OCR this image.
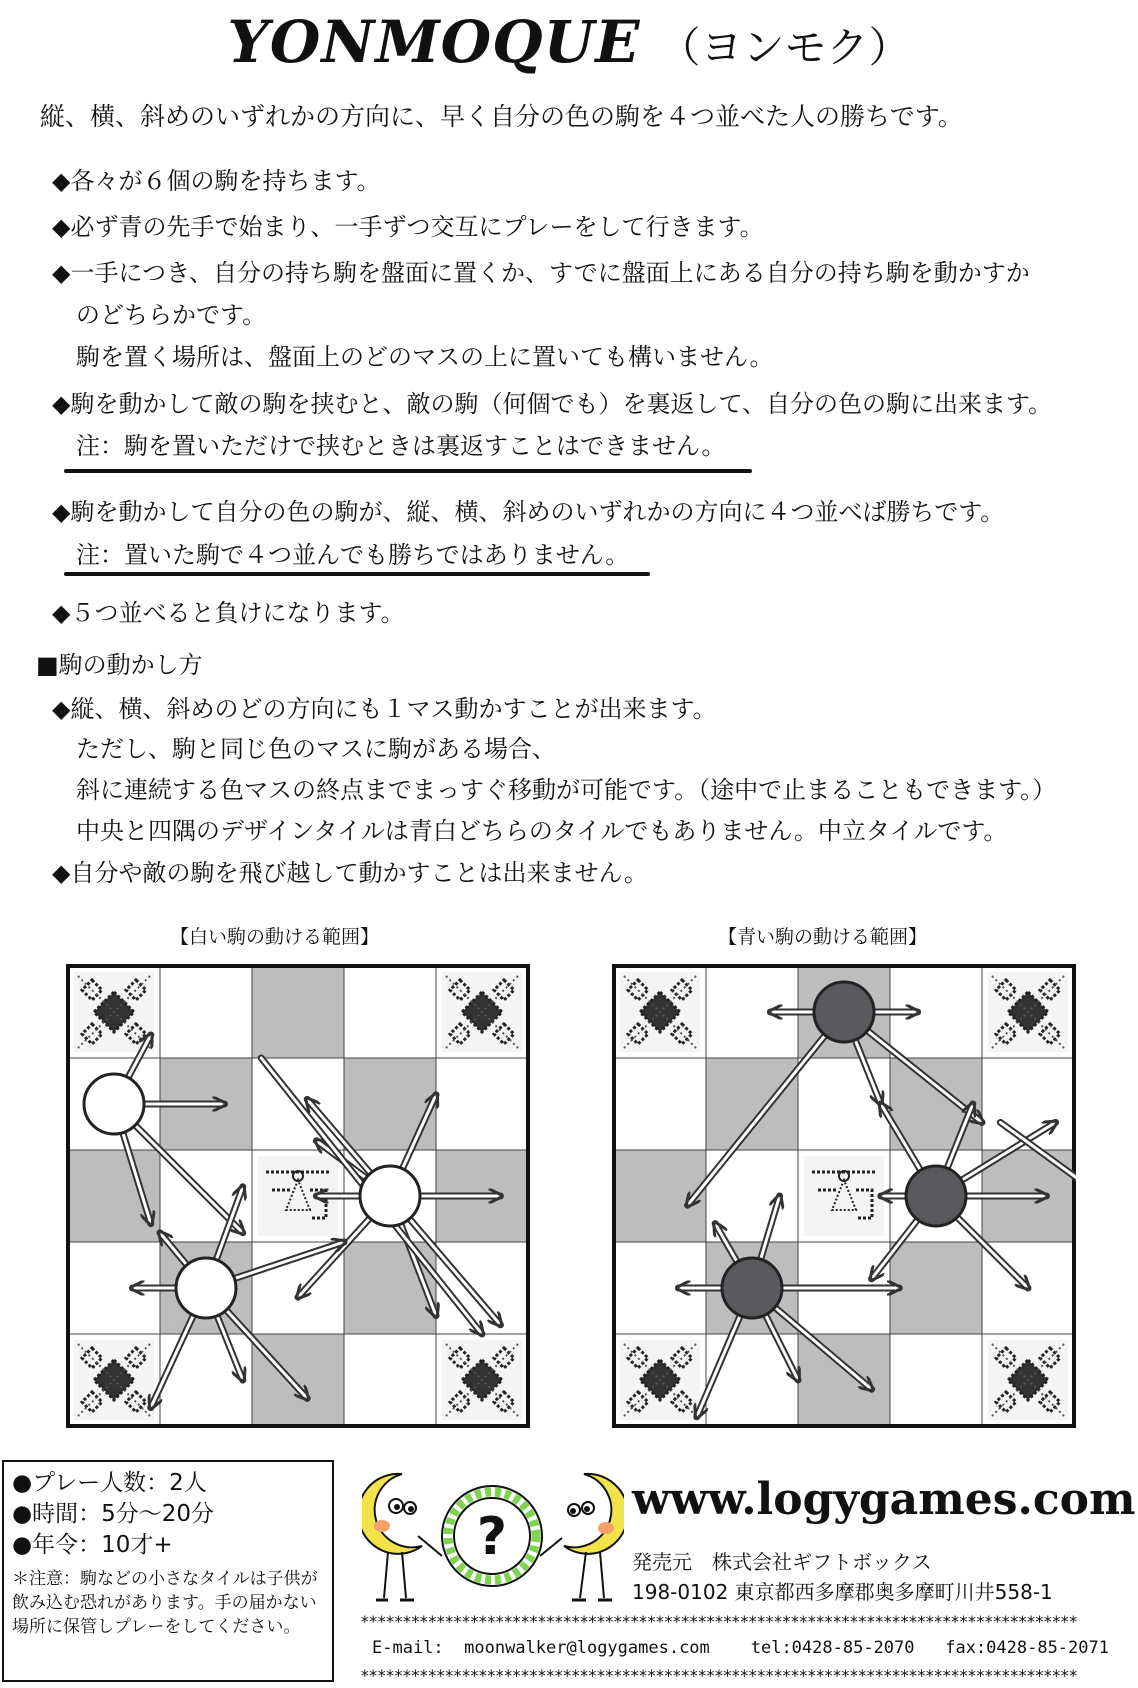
YONMOQUE （ヨンモク）
縦、横、斜めのいずれかの方向に、早く自分の色の駒を４つ並べた人の勝ちです。
◆各々が６個の駒を持ちます。
◆必ず青の先手で始まり、一手ずつ交互にプレーをして行きます。
◆一手につき、自分の持ち駒を盤面に置くか、すでに盤面上にある自分の持ち駒を動かすか
のどちらかです。
駒を置く場所は、盤面上のどのマスの上に置いても構いません。
◆駒を動かして敵の駒を挟むと、敵の駒（何個でも）を裏返して、自分の色の駒に出来ます。
注：駒を置いただけで挟むときは裏返すことはできません。
◆駒を動かして自分の色の駒が、縦、横、斜めのいずれかの方向に４つ並べば勝ちです。
注：置いた駒で４つ並んでも勝ちではありません。
◆５つ並べると負けになります。
■駒の動かし方
◆縦、横、斜めのどの方向にも１マス動かすことが出来ます。
ただし、駒と同じ色のマスに駒がある場合、
斜に連続する色マスの終点までまっすぐ移動が可能です。（途中で止まることもできます。）
中央と四隅のデザインタイルは青白どちらのタイルでもありません。中立タイルです。
◆自分や敵の駒を飛び越して動かすことは出来ません。
【白い駒の動ける範囲】	【青い駒の動ける範囲】
●プレー人数：2人
●時間：5分～20分
●年令：10才+
＊注意：駒などの小さなタイルは子供が飲み込む恐れがあります。手の届かない場所に保管しプレーをしてください。
?
www.logygames.com
発売元　株式会社ギフトボックス
198-0102 東京都西多摩郡奥多摩町川井558-1
*************************************************************************************
E-mail: moonwalker@logygames.com tel:0428-85-2070 fax:0428-85-2071
*************************************************************************************
